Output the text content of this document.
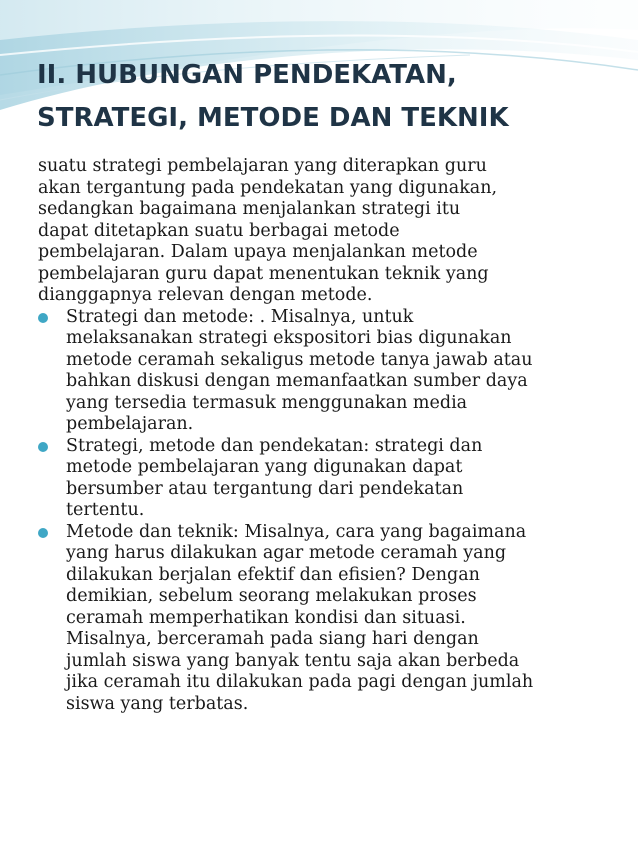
II. HUBUNGAN PENDEKATAN,
STRATEGI, METODE DAN TEKNIK
suatu strategi pembelajaran yang diterapkan guru
akan tergantung pada pendekatan yang digunakan,
sedangkan bagaimana menjalankan strategi itu
dapat ditetapkan suatu berbagai metode
pembelajaran. Dalam upaya menjalankan metode
pembelajaran guru dapat menentukan teknik yang
dianggapnya relevan dengan metode.
Strategi dan metode: . Misalnya, untuk
melaksanakan strategi ekspositori bias digunakan
metode ceramah sekaligus metode tanya jawab atau
bahkan diskusi dengan memanfaatkan sumber daya
yang tersedia termasuk menggunakan media
pembelajaran.
Strategi, metode dan pendekatan: strategi dan
metode pembelajaran yang digunakan dapat
bersumber atau tergantung dari pendekatan
tertentu.
Metode dan teknik: Misalnya, cara yang bagaimana
yang harus dilakukan agar metode ceramah yang
dilakukan berjalan efektif dan efisien? Dengan
demikian, sebelum seorang melakukan proses
ceramah memperhatikan kondisi dan situasi.
Misalnya, berceramah pada siang hari dengan
jumlah siswa yang banyak tentu saja akan berbeda
jika ceramah itu dilakukan pada pagi dengan jumlah
siswa yang terbatas.
